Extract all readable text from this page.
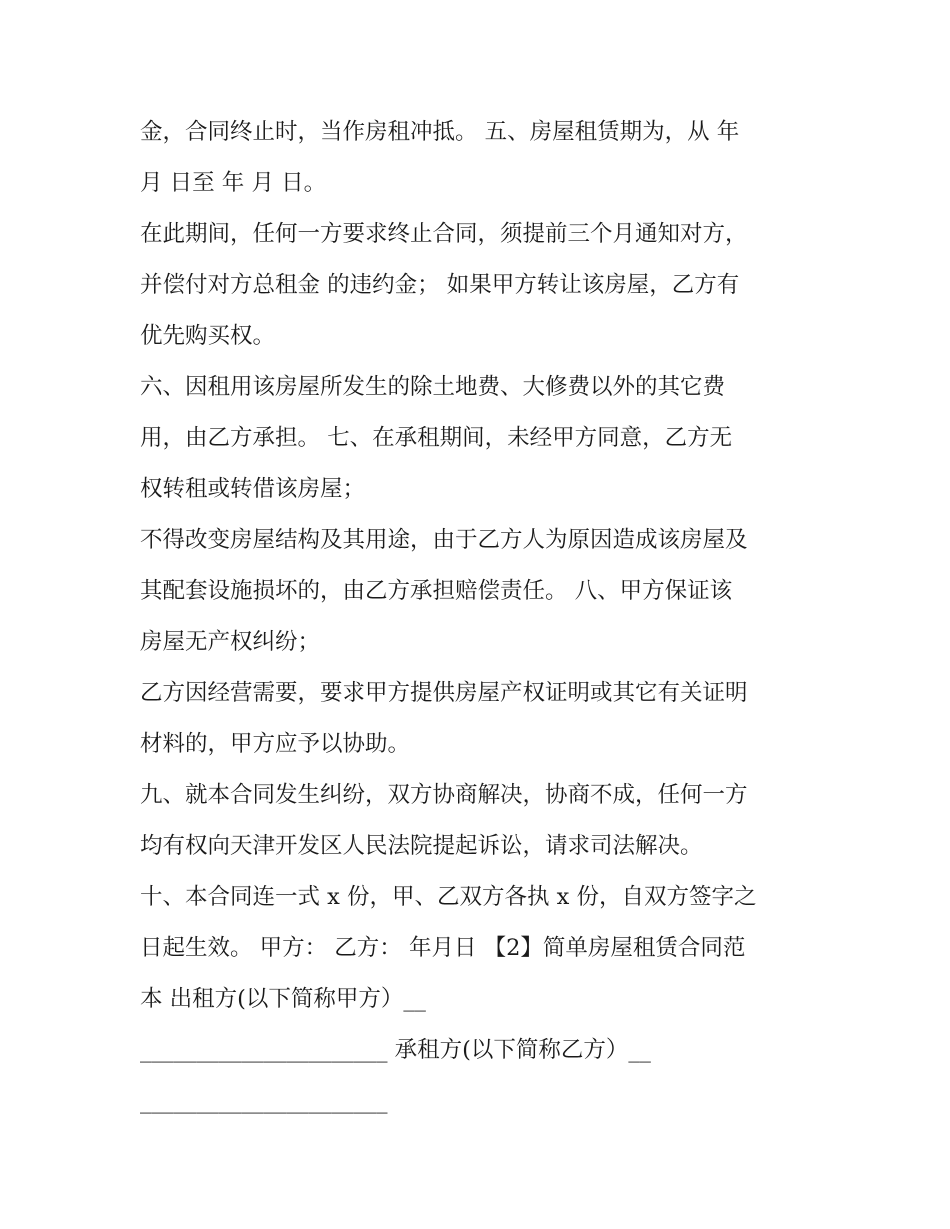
金，合同终止时，当作房租冲抵。 五、房屋租赁期为，从 年
月 日至 年 月 日。
在此期间，任何一方要求终止合同，须提前三个月通知对方，
并偿付对方总租金 的违约金； 如果甲方转让该房屋，乙方有
优先购买权。
六、因租用该房屋所发生的除土地费、大修费以外的其它费
用，由乙方承担。 七、在承租期间，未经甲方同意，乙方无
权转租或转借该房屋；
不得改变房屋结构及其用途，由于乙方人为原因造成该房屋及
其配套设施损坏的，由乙方承担赔偿责任。 八、甲方保证该
房屋无产权纠纷；
乙方因经营需要，要求甲方提供房屋产权证明或其它有关证明
材料的，甲方应予以协助。
九、就本合同发生纠纷，双方协商解决，协商不成，任何一方
均有权向天津开发区人民法院提起诉讼，请求司法解决。
十、本合同连一式 x 份，甲、乙双方各执 x 份，自双方签字之
日起生效。 甲方： 乙方： 年月日 【2】简单房屋租赁合同范
本 出租方(以下简称甲方）__
______________________ 承租方(以下简称乙方）__
______________________
